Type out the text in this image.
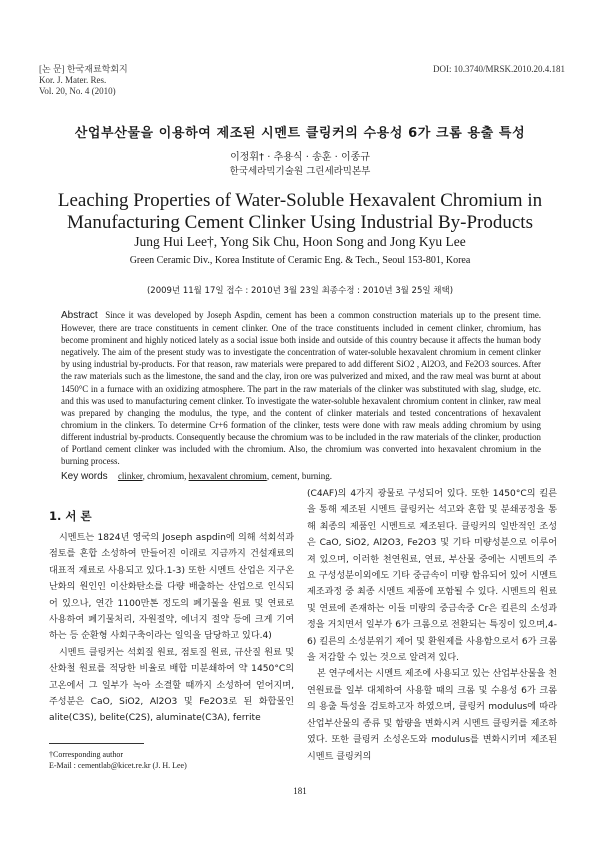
[논 문] 한국재료학회지
Kor. J. Mater. Res.
Vol. 20, No. 4 (2010)
DOI: 10.3740/MRSK.2010.20.4.181
산업부산물을 이용하여 제조된 시멘트 클링커의 수용성 6가 크롬 용출 특성
이정휘† · 추용식 · 송훈 · 이종규
한국세라믹기술원 그린세라믹본부
Leaching Properties of Water-Soluble Hexavalent Chromium in Manufacturing Cement Clinker Using Industrial By-Products
Jung Hui Lee†, Yong Sik Chu, Hoon Song and Jong Kyu Lee
Green Ceramic Div., Korea Institute of Ceramic Eng. & Tech., Seoul 153-801, Korea
(2009년 11월 17일 접수 : 2010년 3월 23일 최종수정 : 2010년 3월 25일 채택)
Abstract Since it was developed by Joseph Aspdin, cement has been a common construction materials up to the present time. However, there are trace constituents in cement clinker. One of the trace constituents included in cement clinker, chromium, has become prominent and highly noticed lately as a social issue both inside and outside of this country because it affects the human body negatively. The aim of the present study was to investigate the concentration of water-soluble hexavalent chromium in cement clinker by using industrial by-products. For that reason, raw materials were prepared to add different SiO2 , Al2O3, and Fe2O3 sources. After the raw materials such as the limestone, the sand and the clay, iron ore was pulverized and mixed, and the raw meal was burnt at about 1450°C in a furnace with an oxidizing atmosphere. The part in the raw materials of the clinker was substituted with slag, sludge, etc. and this was used to manufacturing cement clinker. To investigate the water-soluble hexavalent chromium content in clinker, raw meal was prepared by changing the modulus, the type, and the content of clinker materials and tested concentrations of hexavalent chromium in the clinkers. To determine Cr+6 formation of the clinker, tests were done with raw meals adding chromium by using different industrial by-products. Consequently because the chromium was to be included in the raw materials of the clinker, production of Portland cement clinker was included with the chromium. Also, the chromium was converted into hexavalent chromium in the burning process.
Key words clinker, chromium, hexavalent chromium, cement, burning.
1. 서 론
시멘트는 1824년 영국의 Joseph aspdin에 의해 석회석과 점토를 혼합 소성하여 만들어진 이래로 지금까지 건설재료의 대표적 재료로 사용되고 있다.1-3) 또한 시멘트 산업은 지구온난화의 원인인 이산화탄소를 다량 배출하는 산업으로 인식되어 있으나, 연간 1100만톤 정도의 폐기물을 원료 및 연료로 사용하여 폐기물처리, 자원절약, 에너지 절약 등에 크게 기여하는 등 순환형 사회구축이라는 일익을 담당하고 있다.4)
시멘트 클링커는 석회질 원료, 점토질 원료, 규산질 원료 및 산화철 원료를 적당한 비율로 배합 미분쇄하여 약 1450°C의 고온에서 그 일부가 녹아 소결할 때까지 소성하여 얻어지며, 주성분은 CaO, SiO2, Al2O3 및 Fe2O3로 된 화합물인 alite(C3S), belite(C2S), aluminate(C3A), ferrite
(C4AF)의 4가지 광물로 구성되어 있다. 또한 1450°C의 킬른을 통해 제조된 시멘트 클링커는 석고와 혼합 및 분쇄공정을 통해 최종의 제품인 시멘트로 제조된다. 클링커의 일반적인 조성은 CaO, SiO2, Al2O3, Fe2O3 및 기타 미량성분으로 이루어져 있으며, 이러한 천연원료, 연료, 부산물 중에는 시멘트의 주요 구성성분이외에도 기타 중금속이 미량 함유되어 있어 시멘트 제조과정 중 최종 시멘트 제품에 포함될 수 있다. 시멘트의 원료 및 연료에 존재하는 이들 미량의 중금속중 Cr은 킬른의 소성과정을 거치면서 일부가 6가 크롬으로 전환되는 특징이 있으며,4-6) 킬른의 소성분위기 제어 및 환원제를 사용함으로서 6가 크롬을 저감할 수 있는 것으로 알려져 있다.
본 연구에서는 시멘트 제조에 사용되고 있는 산업부산물을 천연원료를 일부 대체하여 사용할 때의 크롬 및 수용성 6가 크롬의 용출 특성을 검토하고자 하였으며, 클링커 modulus에 따라 산업부산물의 종류 및 함량을 변화시켜 시멘트 클링커를 제조하였다. 또한 클링커 소성온도와 modulus를 변화시키며 제조된 시멘트 클링커의
†Corresponding author
E-Mail : cementlab@kicet.re.kr (J. H. Lee)
181
